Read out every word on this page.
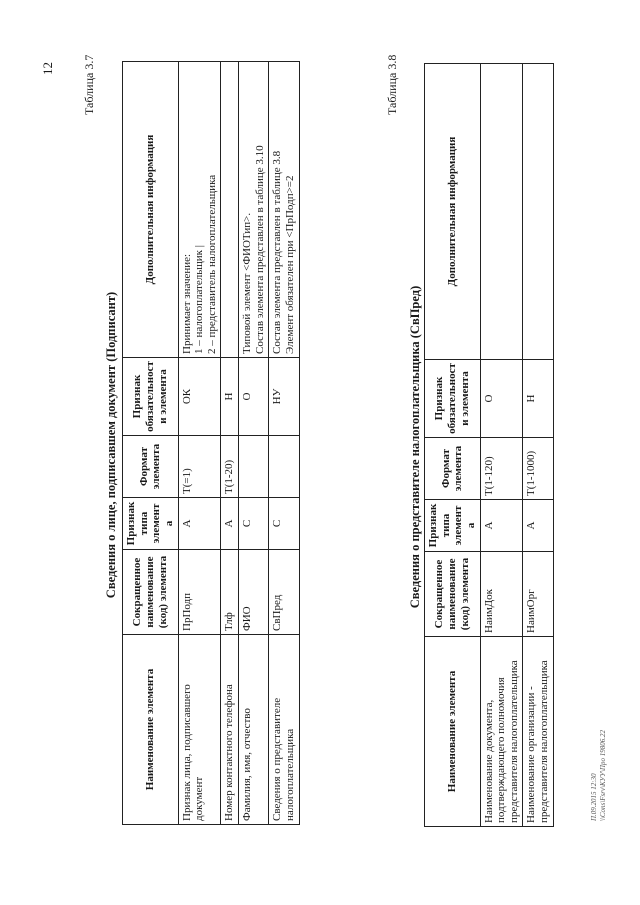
12 Таблица 3.7
Сведения о лице, подписавшем документ (Подписант)
Наименование элемента	Сокращенное наименование (код) элемента	Признак типа элемента	Формат элемента	Признак обязательности элемента	Дополнительная информация
Признак лица, подписавшего документ	ПрПодп	А	T(=1)	ОК	Принимает значение: 1 – налогоплательщик | 2 – представитель налогоплательщика

Номер контактного телефона	Тлф	А	T(1-20)	Н	
Фамилия, имя, отчество	ФИО	С		О	Типовой элемент <ФИОТип>. Состав элемента представлен в таблице 3.10

Сведения о представителе налогоплательщика	СвПред	С		НУ	Состав элемента представлен в таблице 3.8 Элемент обязателен при <ПрПодп>=2
Таблица 3.8
Сведения о представителе налогоплательщика (СвПред)
Наименование элемента	Сокращенное наименование (код) элемента	Признак типа элемента	Формат элемента	Признак обязательности элемента	Дополнительная информация
Наименование документа, подтверждающего полномочия представителя налогоплательщика	НаимДок	А	T(1-120)	О	
Наименование организации - представителя налогоплательщика	НаимОрг	А	T(1-1000)	Н	
П.09.2015 12:30 \\Cons\Fsrv\КУУ\Про 19806.22
